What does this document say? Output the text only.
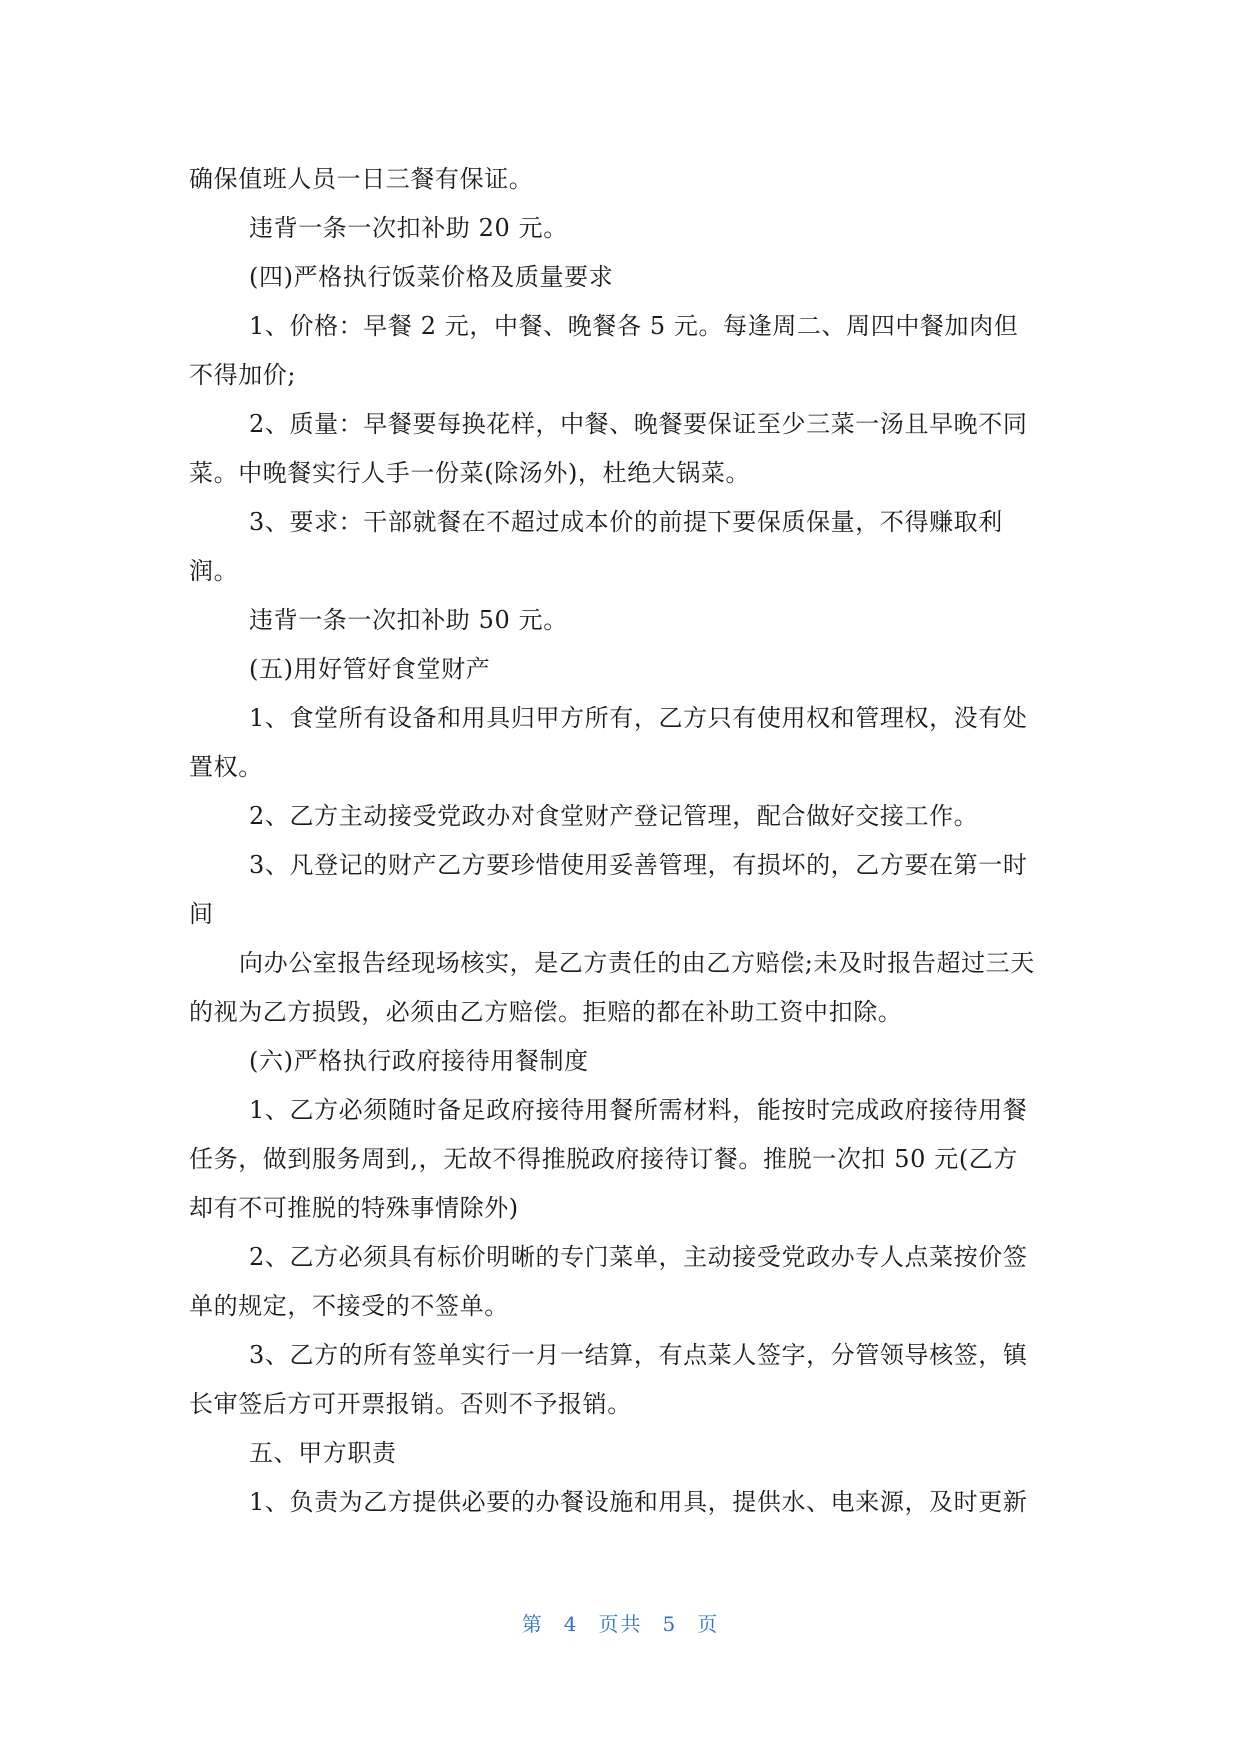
确保值班人员一日三餐有保证。
违背一条一次扣补助 20 元。
(四)严格执行饭菜价格及质量要求
1、价格：早餐 2 元，中餐、晚餐各 5 元。每逢周二、周四中餐加肉但
不得加价;
2、质量：早餐要每换花样，中餐、晚餐要保证至少三菜一汤且早晚不同
菜。中晚餐实行人手一份菜(除汤外)，杜绝大锅菜。
3、要求：干部就餐在不超过成本价的前提下要保质保量，不得赚取利
润。
违背一条一次扣补助 50 元。
(五)用好管好食堂财产
1、食堂所有设备和用具归甲方所有，乙方只有使用权和管理权，没有处
置权。
2、乙方主动接受党政办对食堂财产登记管理，配合做好交接工作。
3、凡登记的财产乙方要珍惜使用妥善管理，有损坏的，乙方要在第一时
间
向办公室报告经现场核实，是乙方责任的由乙方赔偿;未及时报告超过三天
的视为乙方损毁，必须由乙方赔偿。拒赔的都在补助工资中扣除。
(六)严格执行政府接待用餐制度
1、乙方必须随时备足政府接待用餐所需材料，能按时完成政府接待用餐
任务，做到服务周到,，无故不得推脱政府接待订餐。推脱一次扣 50 元(乙方
却有不可推脱的特殊事情除外)
2、乙方必须具有标价明晰的专门菜单，主动接受党政办专人点菜按价签
单的规定，不接受的不签单。
3、乙方的所有签单实行一月一结算，有点菜人签字，分管领导核签，镇
长审签后方可开票报销。否则不予报销。
五、甲方职责
1、负责为乙方提供必要的办餐设施和用具，提供水、电来源，及时更新
第 4 页共 5 页
